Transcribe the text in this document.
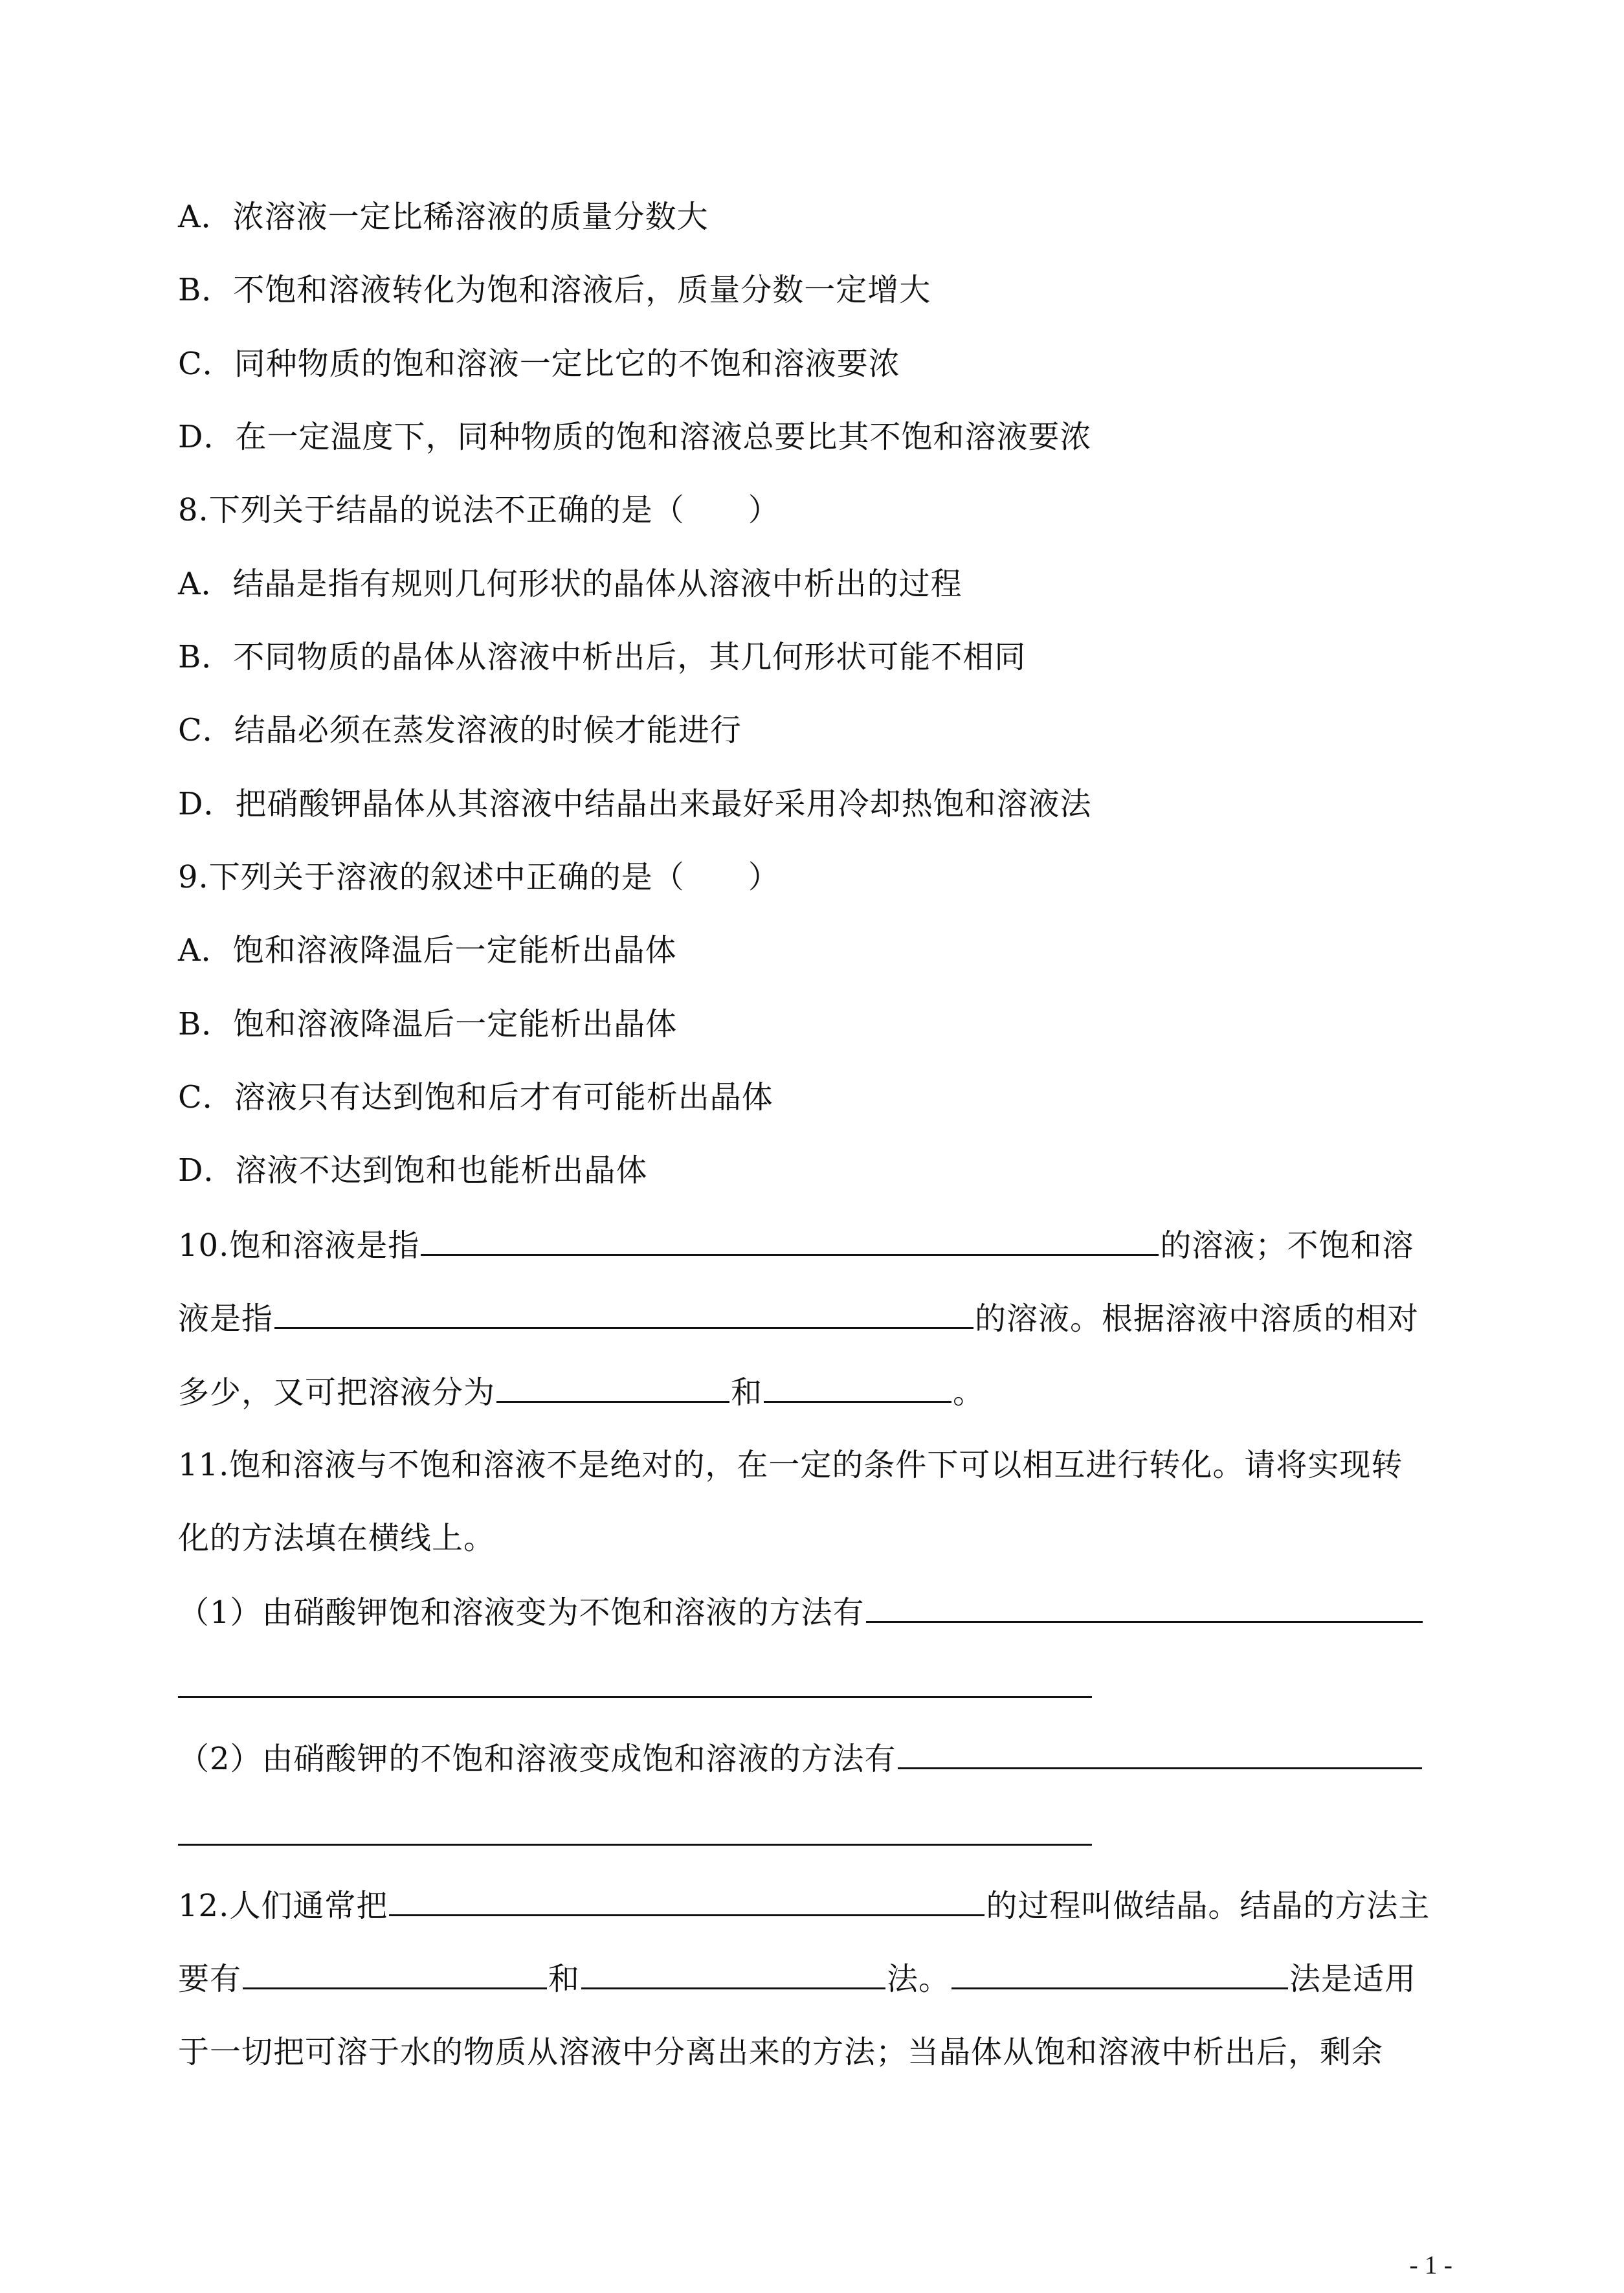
A．浓溶液一定比稀溶液的质量分数大
B．不饱和溶液转化为饱和溶液后，质量分数一定增大
C．同种物质的饱和溶液一定比它的不饱和溶液要浓
D．在一定温度下，同种物质的饱和溶液总要比其不饱和溶液要浓
8.下列关于结晶的说法不正确的是（　　）
A．结晶是指有规则几何形状的晶体从溶液中析出的过程
B．不同物质的晶体从溶液中析出后，其几何形状可能不相同
C．结晶必须在蒸发溶液的时候才能进行
D．把硝酸钾晶体从其溶液中结晶出来最好采用冷却热饱和溶液法
9.下列关于溶液的叙述中正确的是（　　）
A．饱和溶液降温后一定能析出晶体
B．饱和溶液降温后一定能析出晶体
C．溶液只有达到饱和后才有可能析出晶体
D．溶液不达到饱和也能析出晶体
10.饱和溶液是指	的溶液；不饱和溶
液是指	的溶液。根据溶液中溶质的相对
多少，又可把溶液分为	和	。
11.饱和溶液与不饱和溶液不是绝对的，在一定的条件下可以相互进行转化。请将实现转
化的方法填在横线上。
（1）由硝酸钾饱和溶液变为不饱和溶液的方法有
（2）由硝酸钾的不饱和溶液变成饱和溶液的方法有
12.人们通常把	的过程叫做结晶。结晶的方法主
要有	和	法。	法是适用
于一切把可溶于水的物质从溶液中分离出来的方法；当晶体从饱和溶液中析出后，剩余
- 1 -
